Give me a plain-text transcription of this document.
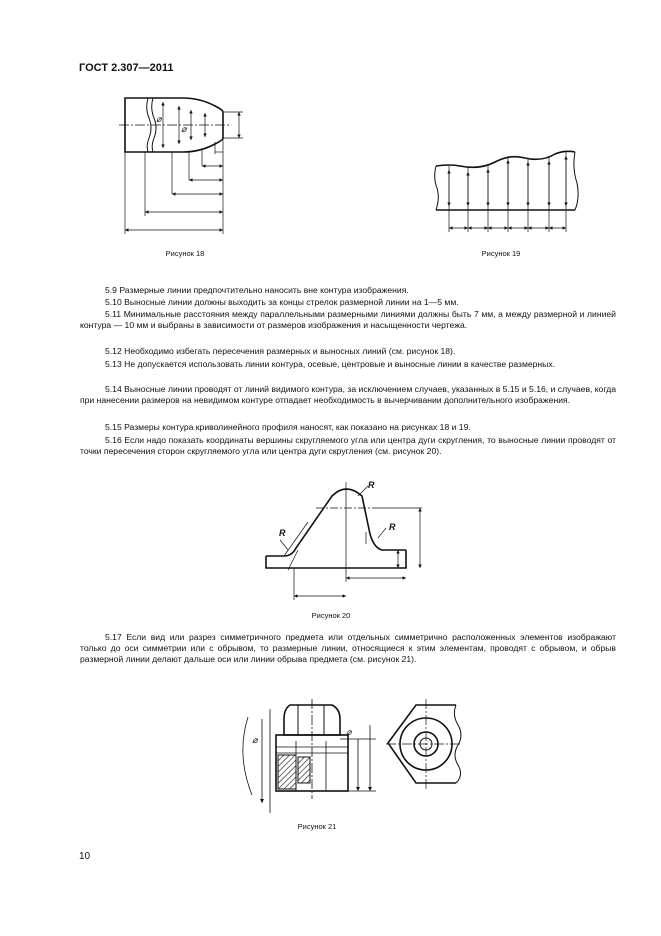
ГОСТ 2.307—2011
⌀
⌀
Рисунок 18	Рисунок 19
5.9 Размерные линии предпочтительно наносить вне контура изображения.
5.10 Выносные линии должны выходить за концы стрелок размерной линии на 1—5 мм.
5.11 Минимальные расстояния между параллельными размерными линиями должны быть 7 мм, а между размерной и линией контура — 10 мм и выбраны в зависимости от размеров изображения и насыщенности чертежа.
5.12 Необходимо избегать пересечения размерных и выносных линий (см. рисунок 18).
5.13 Не допускается использовать линии контура, осевые, центровые и выносные линии в качестве размерных.
5.14 Выносные линии проводят от линий видимого контура, за исключением случаев, указанных в 5.15 и 5.16, и случаев, когда при нанесении размеров на невидимом контуре отпадает необходимость в вычерчивании дополнительного изображения.
5.15 Размеры контура криволинейного профиля наносят, как показано на рисунках 18 и 19.
5.16 Если надо показать координаты вершины скругляемого угла или центра дуги скругления, то выносные линии проводят от точки пересечения сторон скругляемого угла или центра дуги скругления (см. рисунок 20).
R
R
R
Рисунок 20
5.17 Если вид или разрез симметричного предмета или отдельных симметрично расположенных элементов изображают только до оси симметрии или с обрывом, то размерные линии, относящиеся к этим элементам, проводят с обрывом, и обрыв размерной линии делают дальше оси или линии обрыва предмета (см. рисунок 21).
⌀
⌀
Рисунок 21
10
